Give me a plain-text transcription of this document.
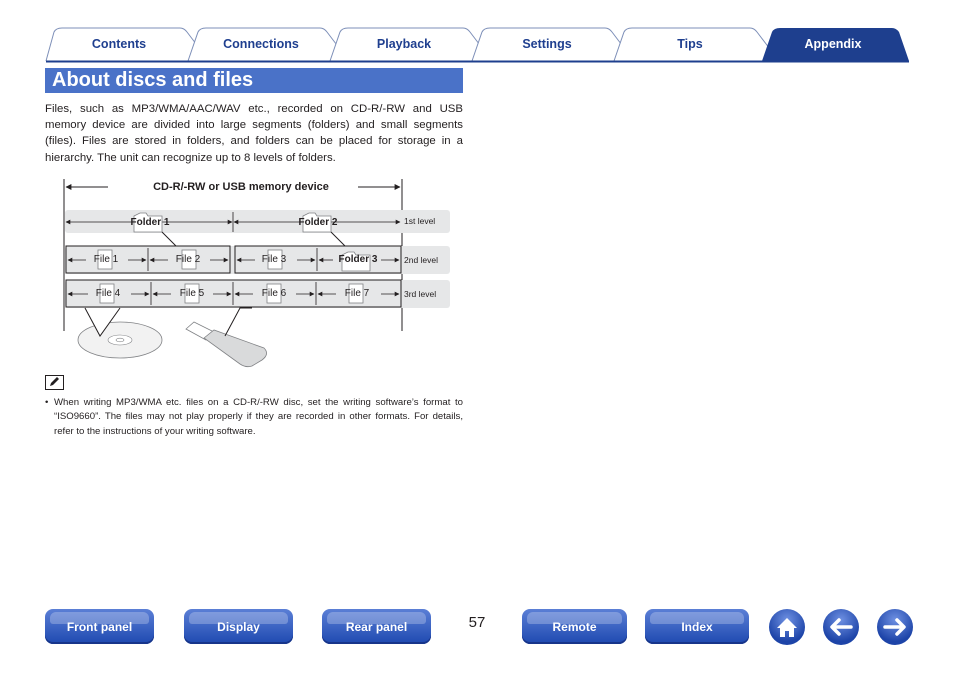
Contents	Connections	Playback	Settings	Tips	Appendix
About discs and files
Files, such as MP3/WMA/AAC/WAV etc., recorded on CD-R/-RW and USB memory device are divided into large segments (folders) and small segments (files). Files are stored in folders, and folders can be placed for storage in a hierarchy. The unit can recognize up to 8 levels of folders.
CD-R/-RW or USB memory device
Folder 1	Folder 2
Folder 3
File 1	File 2	File 3
File 4	File 5	File 6	File 7
1st level
2nd level
3rd level
• When writing MP3/WMA etc. files on a CD-R/-RW disc, set the writing software’s format to “ISO9660”. The files may not play properly if they are recorded in other formats. For details, refer to the instructions of your writing software.
Front panel	Display	Rear panel	57	Remote	Index
